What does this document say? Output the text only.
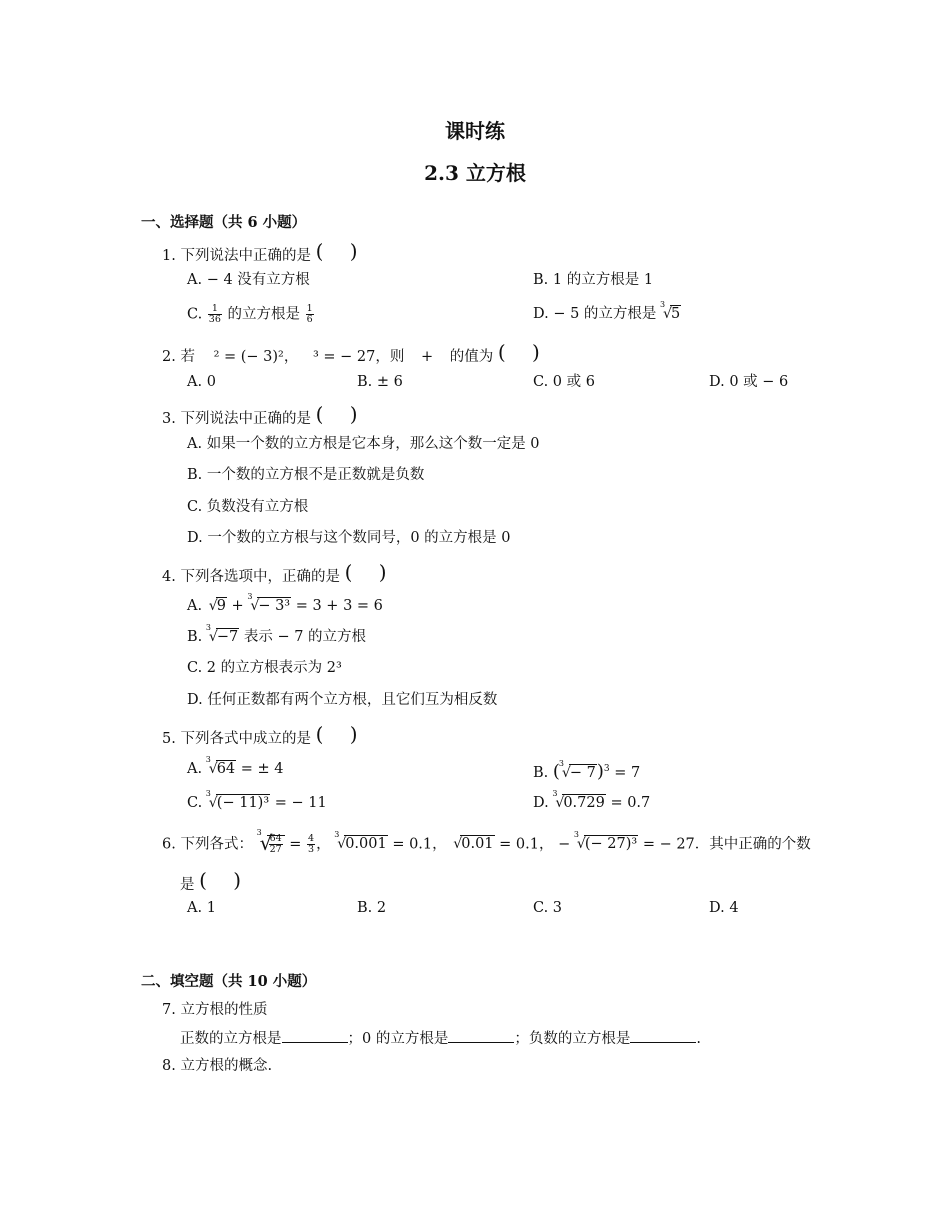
课时练
2.3 立方根
一、选择题（共 6 小题）
1. 下列说法中正确的是 ( )
A. − 4 没有立方根	B. 1 的立方根是 1
C. $\frac{1}{36}$ 的立方根是 $\frac{1}{6}$	D. − 5 的立方根是
3
√ 5
2. 若 ² = (− 3)²， ³ = − 27，则 + 的值为 ( )
A. 0	B. ± 6	C. 0 或 6	D. 0 或 − 6
3. 下列说法中正确的是 ( )
A. 如果一个数的立方根是它本身，那么这个数一定是 0
B. 一个数的立方根不是正数就是负数
C. 负数没有立方根
D. 一个数的立方根与这个数同号，0 的立方根是 0
4. 下列各选项中，正确的是 ( )
A. √ 9 +
3
√ − 3³ = 3 + 3 = 6
B.
3
√ −7 表示 − 7 的立方根
C. 2 的立方根表示为 2³
D. 任何正数都有两个立方根，且它们互为相反数
5. 下列各式中成立的是 ( )
A.
3
√ 64 = ± 4	B. ( 3
√ − 7)$^3$ = 7
C.
3
√ (− 11)³ = − 11	D.
3
√ 0.729 = 0.7
6. 下列各式：
3
√
$\frac{64}{27} = \frac{4}{3}$ ，
3
√ 0.001 = 0.1， √ 0.01 = 0.1， −
3
√ (− 27)³ = − 27．其中正确的个数
是 ( )
A. 1	B. 2	C. 3	D. 4
二、填空题（共 10 小题）
7. 立方根的性质
正数的立方根是	；0 的立方根是	；负数的立方根是	.
8. 立方根的概念.
